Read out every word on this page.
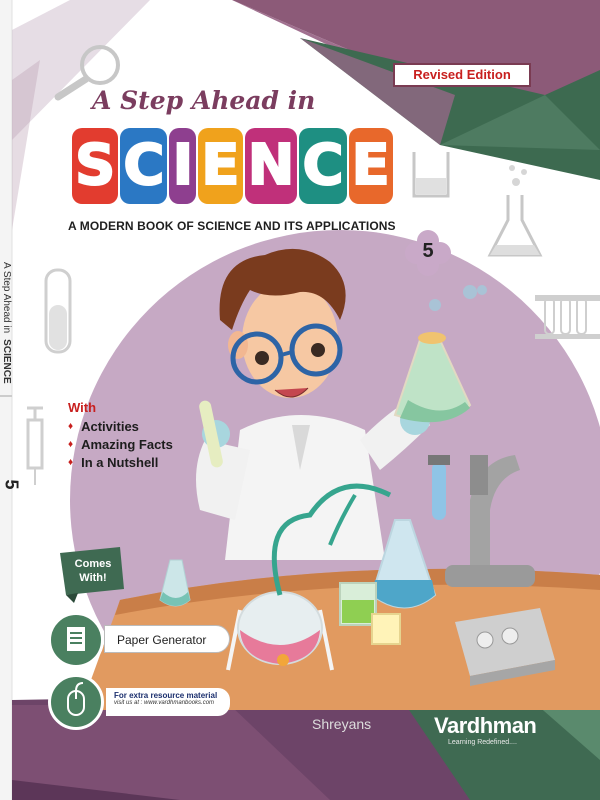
A Step Ahead inSCIENCE
5
Revised Edition
A Step Ahead in
S C I E N C E
A MODERN BOOK OF SCIENCE AND ITS APPLICATIONS
5
With
♦ Activities
♦ Amazing Facts
♦ In a Nutshell
Comes With!
Paper Generator
For extra resource material
visit us at : www.vardhmanbooks.com
Shreyans	Vardhman
Learning Redefined....
